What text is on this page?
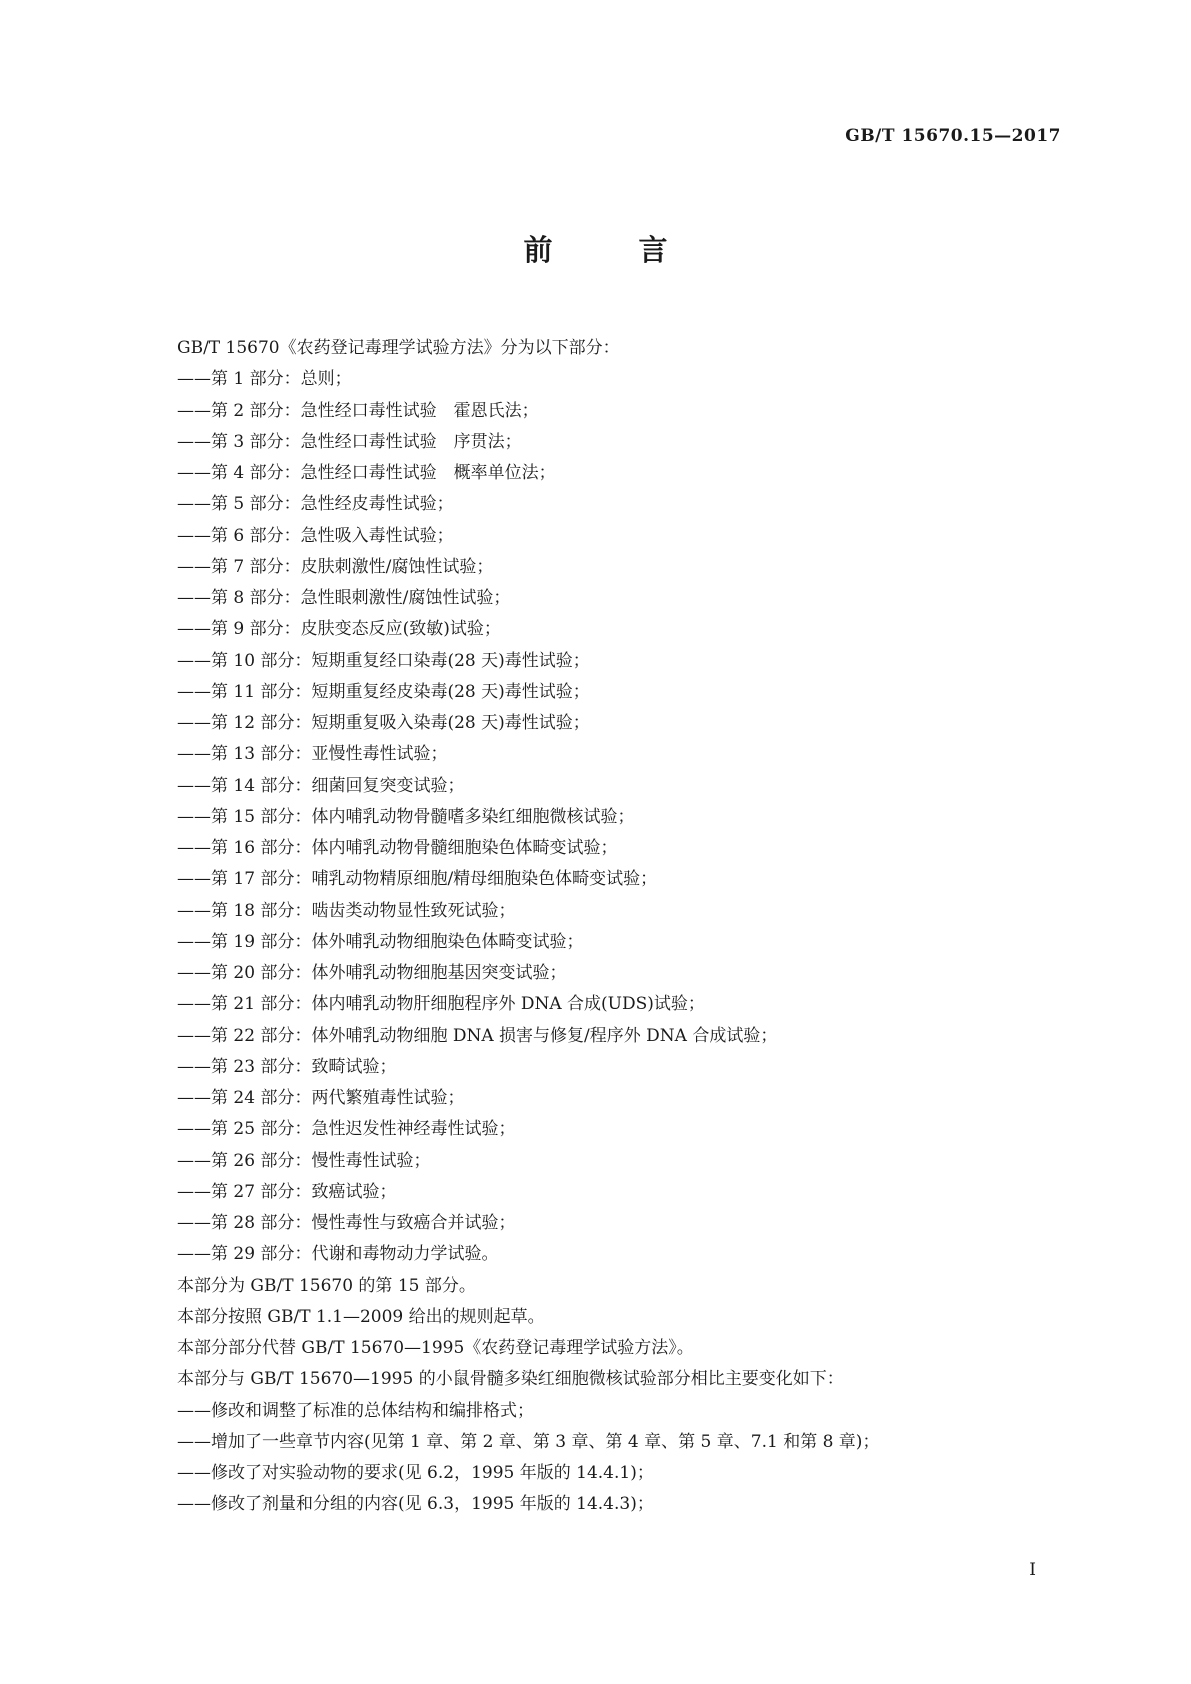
GB/T 15670.15—2017
前 言
GB/T 15670《农药登记毒理学试验方法》分为以下部分：
——第 1 部分：总则；
——第 2 部分：急性经口毒性试验　霍恩氏法；
——第 3 部分：急性经口毒性试验　序贯法；
——第 4 部分：急性经口毒性试验　概率单位法；
——第 5 部分：急性经皮毒性试验；
——第 6 部分：急性吸入毒性试验；
——第 7 部分：皮肤刺激性/腐蚀性试验；
——第 8 部分：急性眼刺激性/腐蚀性试验；
——第 9 部分：皮肤变态反应(致敏)试验；
——第 10 部分：短期重复经口染毒(28 天)毒性试验；
——第 11 部分：短期重复经皮染毒(28 天)毒性试验；
——第 12 部分：短期重复吸入染毒(28 天)毒性试验；
——第 13 部分：亚慢性毒性试验；
——第 14 部分：细菌回复突变试验；
——第 15 部分：体内哺乳动物骨髓嗜多染红细胞微核试验；
——第 16 部分：体内哺乳动物骨髓细胞染色体畸变试验；
——第 17 部分：哺乳动物精原细胞/精母细胞染色体畸变试验；
——第 18 部分：啮齿类动物显性致死试验；
——第 19 部分：体外哺乳动物细胞染色体畸变试验；
——第 20 部分：体外哺乳动物细胞基因突变试验；
——第 21 部分：体内哺乳动物肝细胞程序外 DNA 合成(UDS)试验；
——第 22 部分：体外哺乳动物细胞 DNA 损害与修复/程序外 DNA 合成试验；
——第 23 部分：致畸试验；
——第 24 部分：两代繁殖毒性试验；
——第 25 部分：急性迟发性神经毒性试验；
——第 26 部分：慢性毒性试验；
——第 27 部分：致癌试验；
——第 28 部分：慢性毒性与致癌合并试验；
——第 29 部分：代谢和毒物动力学试验。
本部分为 GB/T 15670 的第 15 部分。
本部分按照 GB/T 1.1—2009 给出的规则起草。
本部分部分代替 GB/T 15670—1995《农药登记毒理学试验方法》。
本部分与 GB/T 15670—1995 的小鼠骨髓多染红细胞微核试验部分相比主要变化如下：
——修改和调整了标准的总体结构和编排格式；
——增加了一些章节内容(见第 1 章、第 2 章、第 3 章、第 4 章、第 5 章、7.1 和第 8 章)；
——修改了对实验动物的要求(见 6.2，1995 年版的 14.4.1)；
——修改了剂量和分组的内容(见 6.3，1995 年版的 14.4.3)；
I
